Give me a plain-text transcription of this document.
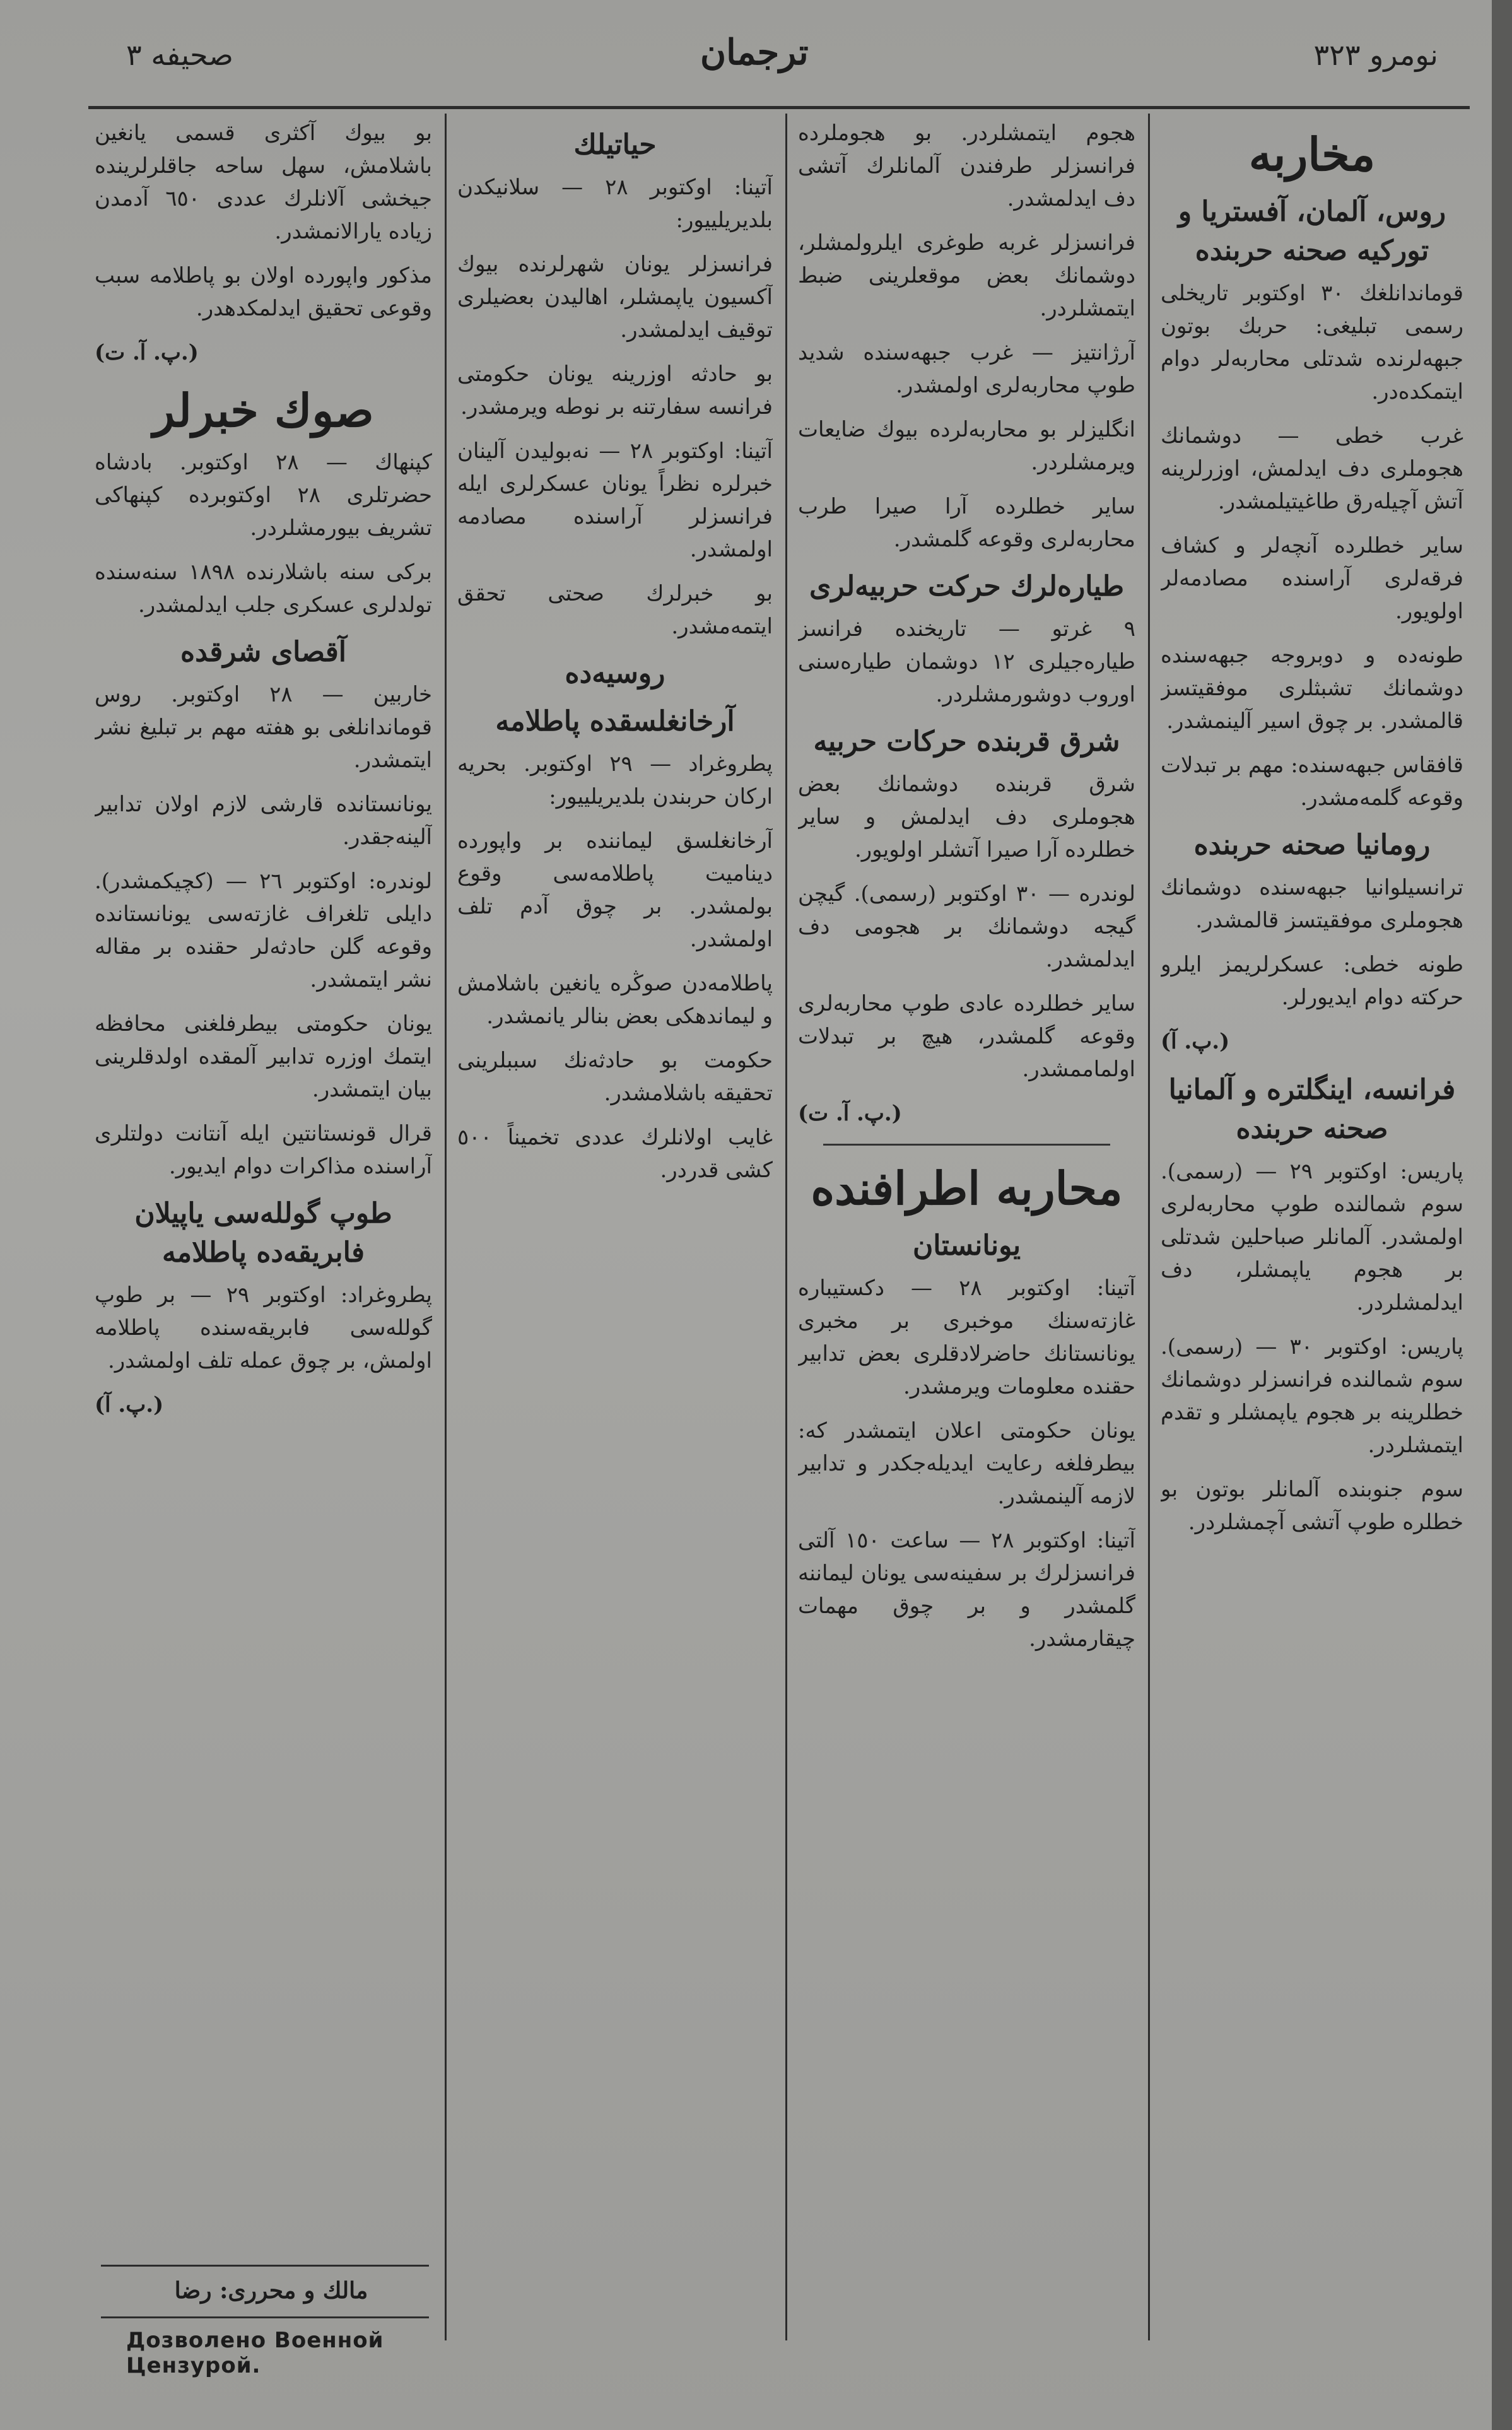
نومرو ٣٢٣
ترجمان
صحيفه ٣
مخاربه
روس، آلمان، آفستريا و توركيه صحنه حربنده

قوماندانلغك ٣٠ اوكتوبر تاريخلى رسمى تبليغى: حربك بوتون جبهه‌لرنده شدتلى محاربه‌لر دوام ايتمكده‌در.

غرب خطى — دوشمانك هجوملرى دف ايدلمش، اوزرلرينه آتش آچيله‌رق طاغيتيلمشدر.

ساير خطلرده آنچه‌لر و كشاف فرقه‌لرى آراسنده مصادمه‌لر اولويور.

طونه‌ده و دوبروجه جبهه‌سنده دوشمانك تشبثلرى موفقيتسز قالمشدر. بر چوق اسير آلينمشدر.

قافقاس جبهه‌سنده: مهم بر تبدلات وقوعه گلمه‌مشدر.

رومانيا صحنه حربنده

ترانسيلوانيا جبهه‌سنده دوشمانك هجوملرى موفقيتسز قالمشدر.

طونه خطى: عسكرلريمز ايلرو حركته دوام ايديورلر.

(پ. آ.)
فرانسه، اينگلتره و آلمانيا صحنه حربنده

پاريس: اوكتوبر ٢٩ — (رسمى). سوم شمالنده طوپ محاربه‌لرى اولمشدر. آلمانلر صباحلين شدتلى بر هجوم ياپمشلر، دف ايدلمشلردر.

پاريس: اوكتوبر ٣٠ — (رسمى). سوم شمالنده فرانسزلر دوشمانك خطلرينه بر هجوم ياپمشلر و تقدم ايتمشلردر.

سوم جنوبنده آلمانلر بوتون بو خطلره طوپ آتشى آچمشلردر.

هجوم ايتمشلردر. بو هجوملرده فرانسزلر طرفندن آلمانلرك آتشى دف ايدلمشدر.

فرانسزلر غربه طوغرى ايلرولمشلر، دوشمانك بعض موقعلرينى ضبط ايتمشلردر.

آرژانتيز — غرب جبهه‌سنده شديد طوپ محاربه‌لرى اولمشدر.

انگليزلر بو محاربه‌لرده بيوك ضايعات ويرمشلردر.

ساير خطلرده آرا صيرا طرب محاربه‌لرى وقوعه گلمشدر.

طياره‌لرك حركت حربيه‌لرى

٩ غرتو — تاريخنده فرانسز طياره‌جيلرى ١٢ دوشمان طياره‌سنى اوروب دوشورمشلردر.

شرق قربنده حركات حربيه

شرق قربنده دوشمانك بعض هجوملرى دف ايدلمش و ساير خطلرده آرا صيرا آتشلر اولويور.

لوندره — ٣٠ اوكتوبر (رسمى). گيچن گيجه دوشمانك بر هجومى دف ايدلمشدر.

ساير خطلرده عادى طوپ محاربه‌لرى وقوعه گلمشدر، هيچ بر تبدلات اولماممشدر.

(پ. آ. ت.)
محاربه اطرافنده
يونانستان

آتينا: اوكتوبر ٢٨ — دكستيباره غازته‌سنك موخبرى بر مخبرى يونانستانك حاضرلادقلرى بعض تدابير حقنده معلومات ويرمشدر.

يونان حكومتى اعلان ايتمشدر كه: بيطرفلغه رعايت ايديله‌جكدر و تدابير لازمه آلينمشدر.

آتينا: اوكتوبر ٢٨ — ساعت ١٥٠ آلتى فرانسزلرك بر سفينه‌سى يونان ليماننه گلمشدر و بر چوق مهمات چيقارمشدر.

حياتيلك

آتينا: اوكتوبر ٢٨ — سلانيكدن بلديريلييور:

فرانسزلر يونان شهرلرنده بيوك آكسيون ياپمشلر، اهاليدن بعضيلرى توقيف ايدلمشدر.

بو حادثه اوزرينه يونان حكومتى فرانسه سفارتنه بر نوطه ويرمشدر.

آتينا: اوكتوبر ٢٨ — نه‌بوليدن آلينان خبرلره نظراً يونان عسكرلرى ايله فرانسزلر آراسنده مصادمه اولمشدر.

بو خبرلرك صحتى تحقق ايتمه‌مشدر.

روسيه‌ده
آرخانغلسقده پاطلامه

پطروغراد — ٢٩ اوكتوبر. بحريه اركان حربندن بلديريلييور:

آرخانغلسق ليماننده بر واپورده ديناميت پاطلامه‌سى وقوع بولمشدر. بر چوق آدم تلف اولمشدر.

پاطلامه‌دن صوڭره يانغين باشلامش و ليماندهكى بعض بنالر يانمشدر.

حكومت بو حادثه‌نك سببلرينى تحقيقه باشلامشدر.

غايب اولانلرك عددى تخميناً ٥٠٠ كشى قدردر.

بو بيوك آكثرى قسمى يانغين باشلامش، سهل ساحه جاقلرلرينده جيخشى آلانلرك عددى ٦٥٠ آدمدن زياده يارالانمشدر.

مذكور واپورده اولان بو پاطلامه سبب وقوعى تحقيق ايدلمكدهدر.

(پ. آ. ت.)
صوك خبرلر

كپنهاك — ٢٨ اوكتوبر. بادشاه حضرتلرى ٢٨ اوكتوبرده كپنهاكى تشريف بيورمشلردر.

بركى سنه باشلارنده ١٨٩٨ سنه‌سنده تولدلرى عسكرى جلب ايدلمشدر.

آقصاى شرقده

خاربين — ٢٨ اوكتوبر. روس قوماندانلغى بو هفته مهم بر تبليغ نشر ايتمشدر.

يونانستانده قارشى لازم اولان تدابير آلينه‌جقدر.

لوندره: اوكتوبر ٢٦ — (كچيكمشدر). دايلى تلغراف غازته‌سى يونانستانده وقوعه گلن حادثه‌لر حقنده بر مقاله نشر ايتمشدر.

يونان حكومتى بيطرفلغنى محافظه ايتمك اوزره تدابير آلمقده اولدقلرينى بيان ايتمشدر.

قرال قونستانتين ايله آنتانت دولتلرى آراسنده مذاكرات دوام ايديور.

طوپ گولله‌سى ياپيلان فابريقه‌ده پاطلامه

پطروغراد: اوكتوبر ٢٩ — بر طوپ گولله‌سى فابريقه‌سنده پاطلامه اولمش، بر چوق عمله تلف اولمشدر.

(پ. آ.)
مالك و محررى: رضا
Дозволено Военной Цензурой.
